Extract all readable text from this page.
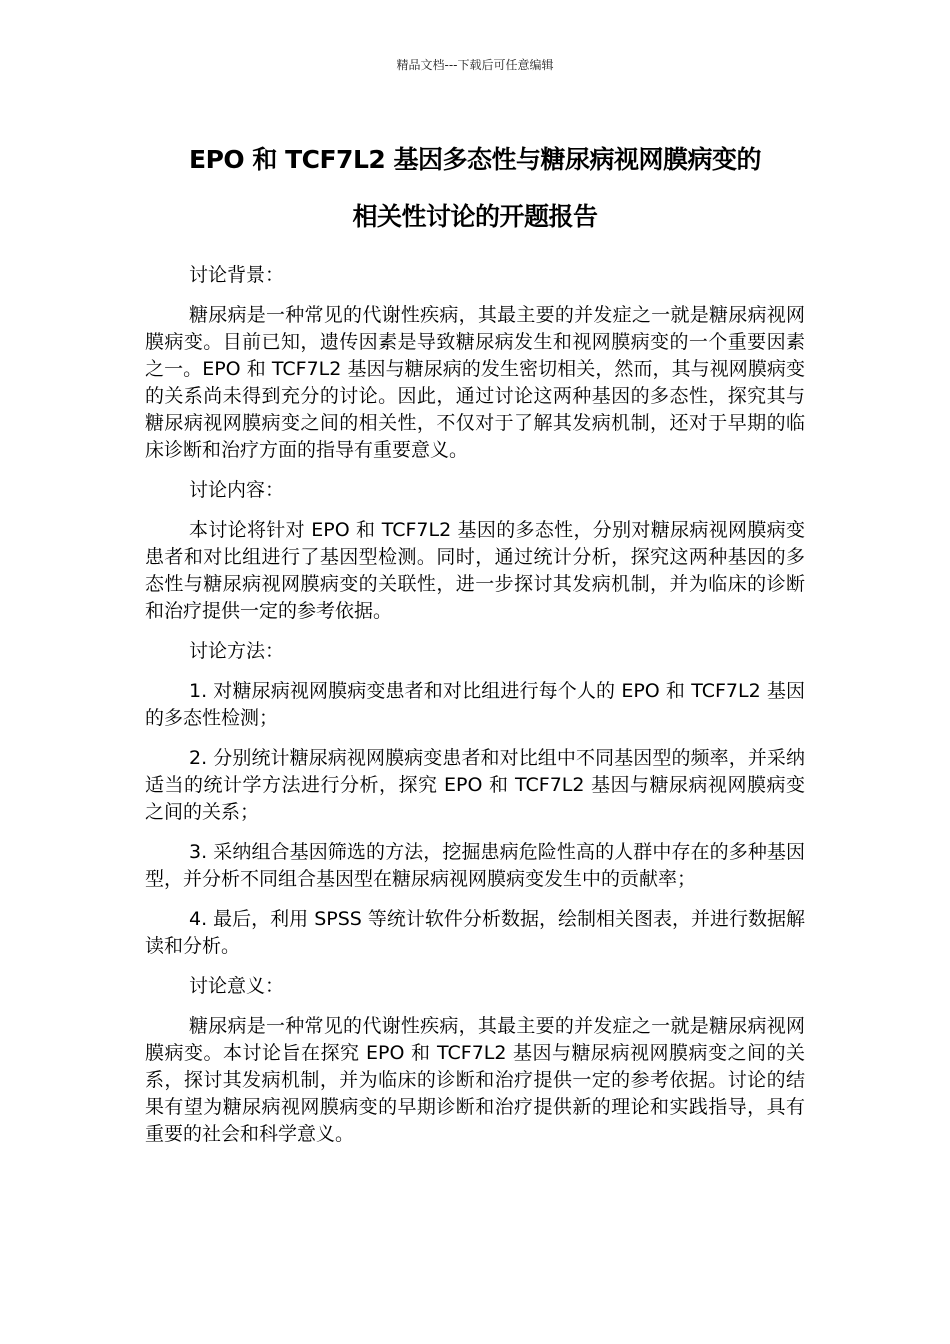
精品文档---下载后可任意编辑
EPO 和 TCF7L2 基因多态性与糖尿病视网膜病变的
相关性讨论的开题报告

讨论背景：

糖尿病是一种常见的代谢性疾病，其最主要的并发症之一就是糖尿病视网膜病变。目前已知，遗传因素是导致糖尿病发生和视网膜病变的一个重要因素之一。EPO 和 TCF7L2 基因与糖尿病的发生密切相关，然而，其与视网膜病变的关系尚未得到充分的讨论。因此，通过讨论这两种基因的多态性，探究其与糖尿病视网膜病变之间的相关性，不仅对于了解其发病机制，还对于早期的临床诊断和治疗方面的指导有重要意义。

讨论内容：

本讨论将针对 EPO 和 TCF7L2 基因的多态性，分别对糖尿病视网膜病变患者和对比组进行了基因型检测。同时，通过统计分析，探究这两种基因的多态性与糖尿病视网膜病变的关联性，进一步探讨其发病机制，并为临床的诊断和治疗提供一定的参考依据。

讨论方法：

1. 对糖尿病视网膜病变患者和对比组进行每个人的 EPO 和 TCF7L2 基因的多态性检测；

2. 分别统计糖尿病视网膜病变患者和对比组中不同基因型的频率，并采纳适当的统计学方法进行分析，探究 EPO 和 TCF7L2 基因与糖尿病视网膜病变之间的关系；

3. 采纳组合基因筛选的方法，挖掘患病危险性高的人群中存在的多种基因型，并分析不同组合基因型在糖尿病视网膜病变发生中的贡献率；

4. 最后，利用 SPSS 等统计软件分析数据，绘制相关图表，并进行数据解读和分析。

讨论意义：

糖尿病是一种常见的代谢性疾病，其最主要的并发症之一就是糖尿病视网膜病变。本讨论旨在探究 EPO 和 TCF7L2 基因与糖尿病视网膜病变之间的关系，探讨其发病机制，并为临床的诊断和治疗提供一定的参考依据。讨论的结果有望为糖尿病视网膜病变的早期诊断和治疗提供新的理论和实践指导，具有重要的社会和科学意义。
